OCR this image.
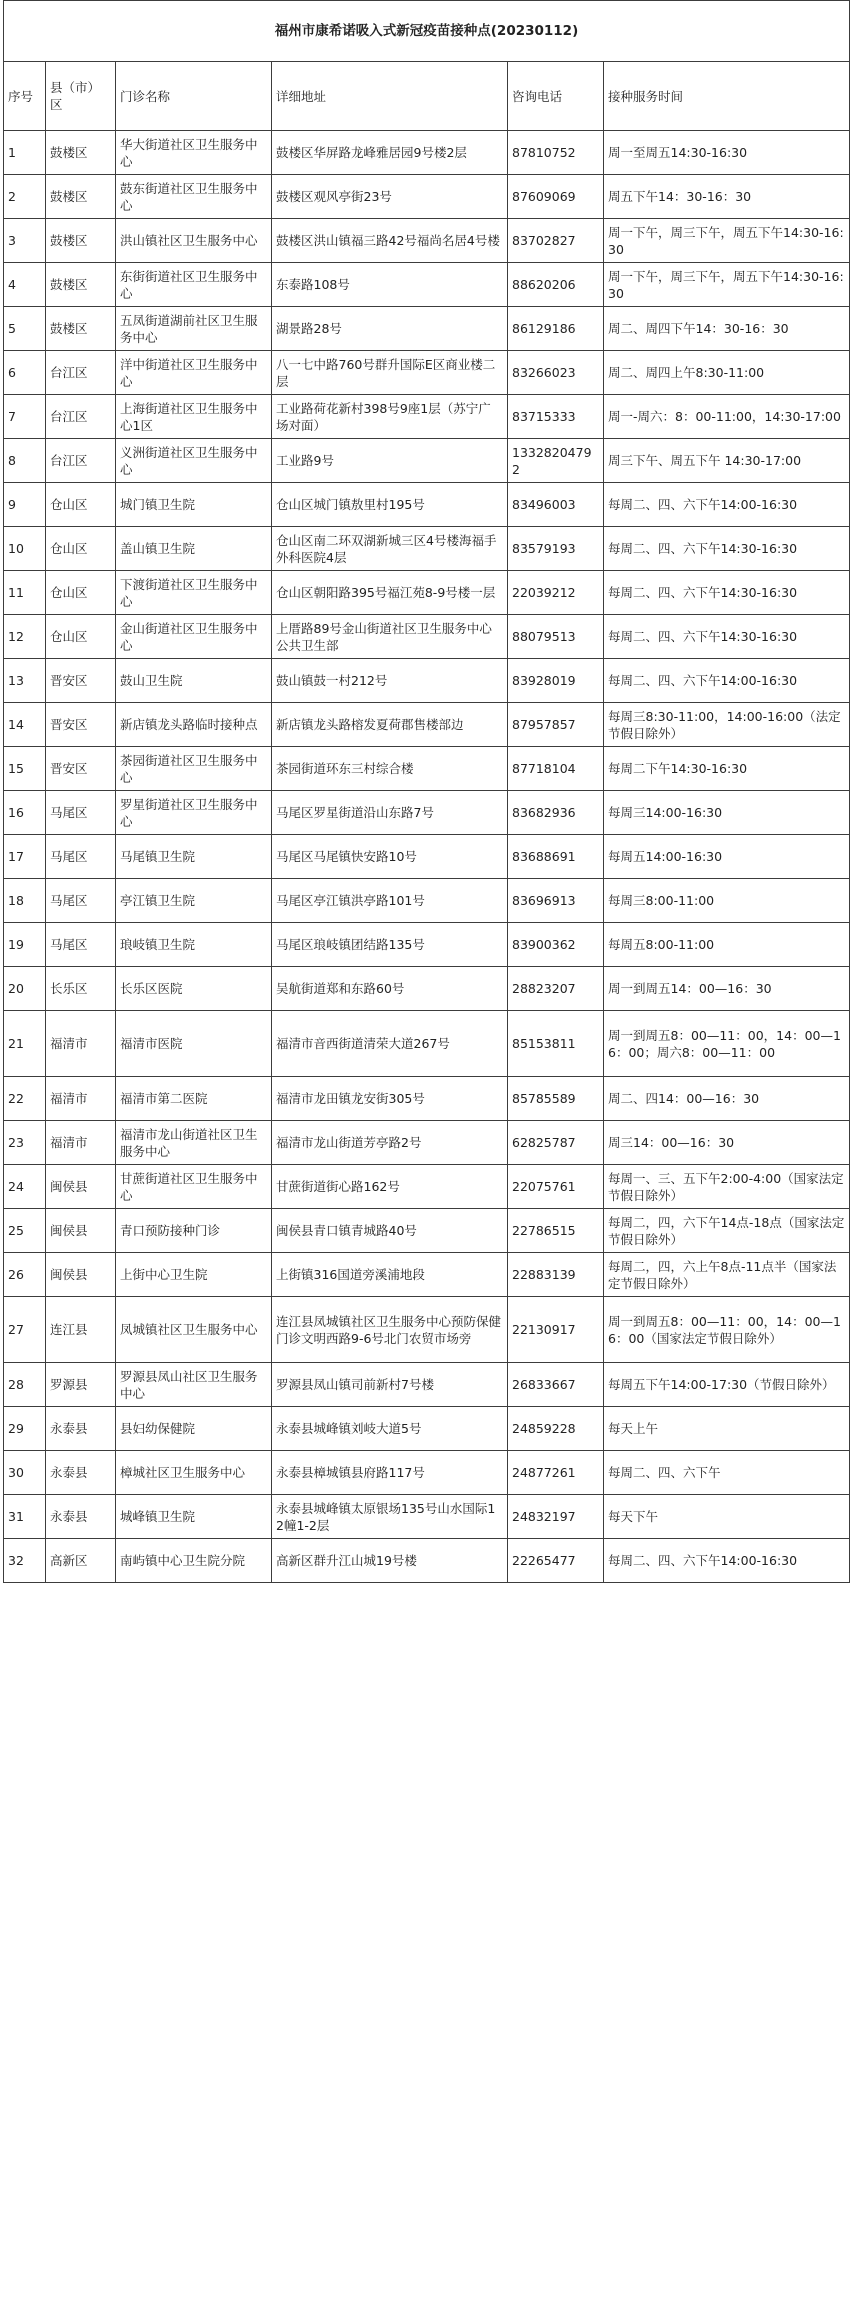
福州市康希诺吸入式新冠疫苗接种点(20230112)					
序号	县（市）区	门诊名称	详细地址	咨询电话	接种服务时间
1	鼓楼区	华大街道社区卫生服务中心	鼓楼区华屏路龙峰雅居园9号楼2层	87810752	周一至周五14:30-16:30
2	鼓楼区	鼓东街道社区卫生服务中心	鼓楼区观风亭街23号	87609069	周五下午14：30-16：30
3	鼓楼区	洪山镇社区卫生服务中心	鼓楼区洪山镇福三路42号福尚名居4号楼	83702827	周一下午，周三下午，周五下午14:30-16:30
4	鼓楼区	东街街道社区卫生服务中心	东泰路108号	88620206	周一下午，周三下午，周五下午14:30-16:30
5	鼓楼区	五凤街道湖前社区卫生服务中心	湖景路28号	86129186	周二、周四下午14：30-16：30
6	台江区	洋中街道社区卫生服务中心	八一七中路760号群升国际E区商业楼二层	83266023	周二、周四上午8:30-11:00
7	台江区	上海街道社区卫生服务中心1区	工业路荷花新村398号9座1层（苏宁广场对面）	83715333	周一-周六：8：00-11:00，14:30-17:00
8	台江区	义洲街道社区卫生服务中心	工业路9号	13328204792	周三下午、周五下午 14:30-17:00
9	仓山区	城门镇卫生院	仓山区城门镇敖里村195号	83496003	每周二、四、六下午14:00-16:30
10	仓山区	盖山镇卫生院	仓山区南二环双湖新城三区4号楼海福手外科医院4层	83579193	每周二、四、六下午14:30-16:30
11	仓山区	下渡街道社区卫生服务中心	仓山区朝阳路395号福江苑8-9号楼一层	22039212	每周二、四、六下午14:30-16:30
12	仓山区	金山街道社区卫生服务中心	上厝路89号金山街道社区卫生服务中心公共卫生部	88079513	每周二、四、六下午14:30-16:30
13	晋安区	鼓山卫生院	鼓山镇鼓一村212号	83928019	每周二、四、六下午14:00-16:30
14	晋安区	新店镇龙头路临时接种点	新店镇龙头路榕发夏荷郡售楼部边	87957857	每周三8:30-11:00，14:00-16:00（法定节假日除外）
15	晋安区	茶园街道社区卫生服务中心	茶园街道环东三村综合楼	87718104	每周二下午14:30-16:30
16	马尾区	罗星街道社区卫生服务中心	马尾区罗星街道沿山东路7号	83682936	每周三14:00-16:30
17	马尾区	马尾镇卫生院	马尾区马尾镇快安路10号	83688691	每周五14:00-16:30
18	马尾区	亭江镇卫生院	马尾区亭江镇洪亭路101号	83696913	每周三8:00-11:00
19	马尾区	琅岐镇卫生院	马尾区琅岐镇团结路135号	83900362	每周五8:00-11:00
20	长乐区	长乐区医院	吴航街道郑和东路60号	28823207	周一到周五14：00—16：30
21	福清市	福清市医院	福清市音西街道清荣大道267号	85153811	周一到周五8：00—11：00，14：00—16：00；周六8：00—11：00
22	福清市	福清市第二医院	福清市龙田镇龙安街305号	85785589	周二、四14：00—16：30
23	福清市	福清市龙山街道社区卫生服务中心	福清市龙山街道芳亭路2号	62825787	周三14：00—16：30
24	闽侯县	甘蔗街道社区卫生服务中心	甘蔗街道街心路162号	22075761	每周一、三、五下午2:00-4:00（国家法定节假日除外）
25	闽侯县	青口预防接种门诊	闽侯县青口镇青城路40号	22786515	每周二，四，六下午14点-18点（国家法定节假日除外）
26	闽侯县	上街中心卫生院	上街镇316国道旁溪浦地段	22883139	每周二，四，六上午8点-11点半（国家法定节假日除外）
27	连江县	凤城镇社区卫生服务中心	连江县凤城镇社区卫生服务中心预防保健门诊文明西路9-6号北门农贸市场旁	22130917	周一到周五8：00—11：00，14：00—16：00（国家法定节假日除外）
28	罗源县	罗源县凤山社区卫生服务中心	罗源县凤山镇司前新村7号楼	26833667	每周五下午14:00-17:30（节假日除外）
29	永泰县	县妇幼保健院	永泰县城峰镇刘岐大道5号	24859228	每天上午
30	永泰县	樟城社区卫生服务中心	永泰县樟城镇县府路117号	24877261	每周二、四、六下午
31	永泰县	城峰镇卫生院	永泰县城峰镇太原银场135号山水国际12幢1-2层	24832197	每天下午
32	高新区	南屿镇中心卫生院分院	高新区群升江山城19号楼	22265477	每周二、四、六下午14:00-16:30
